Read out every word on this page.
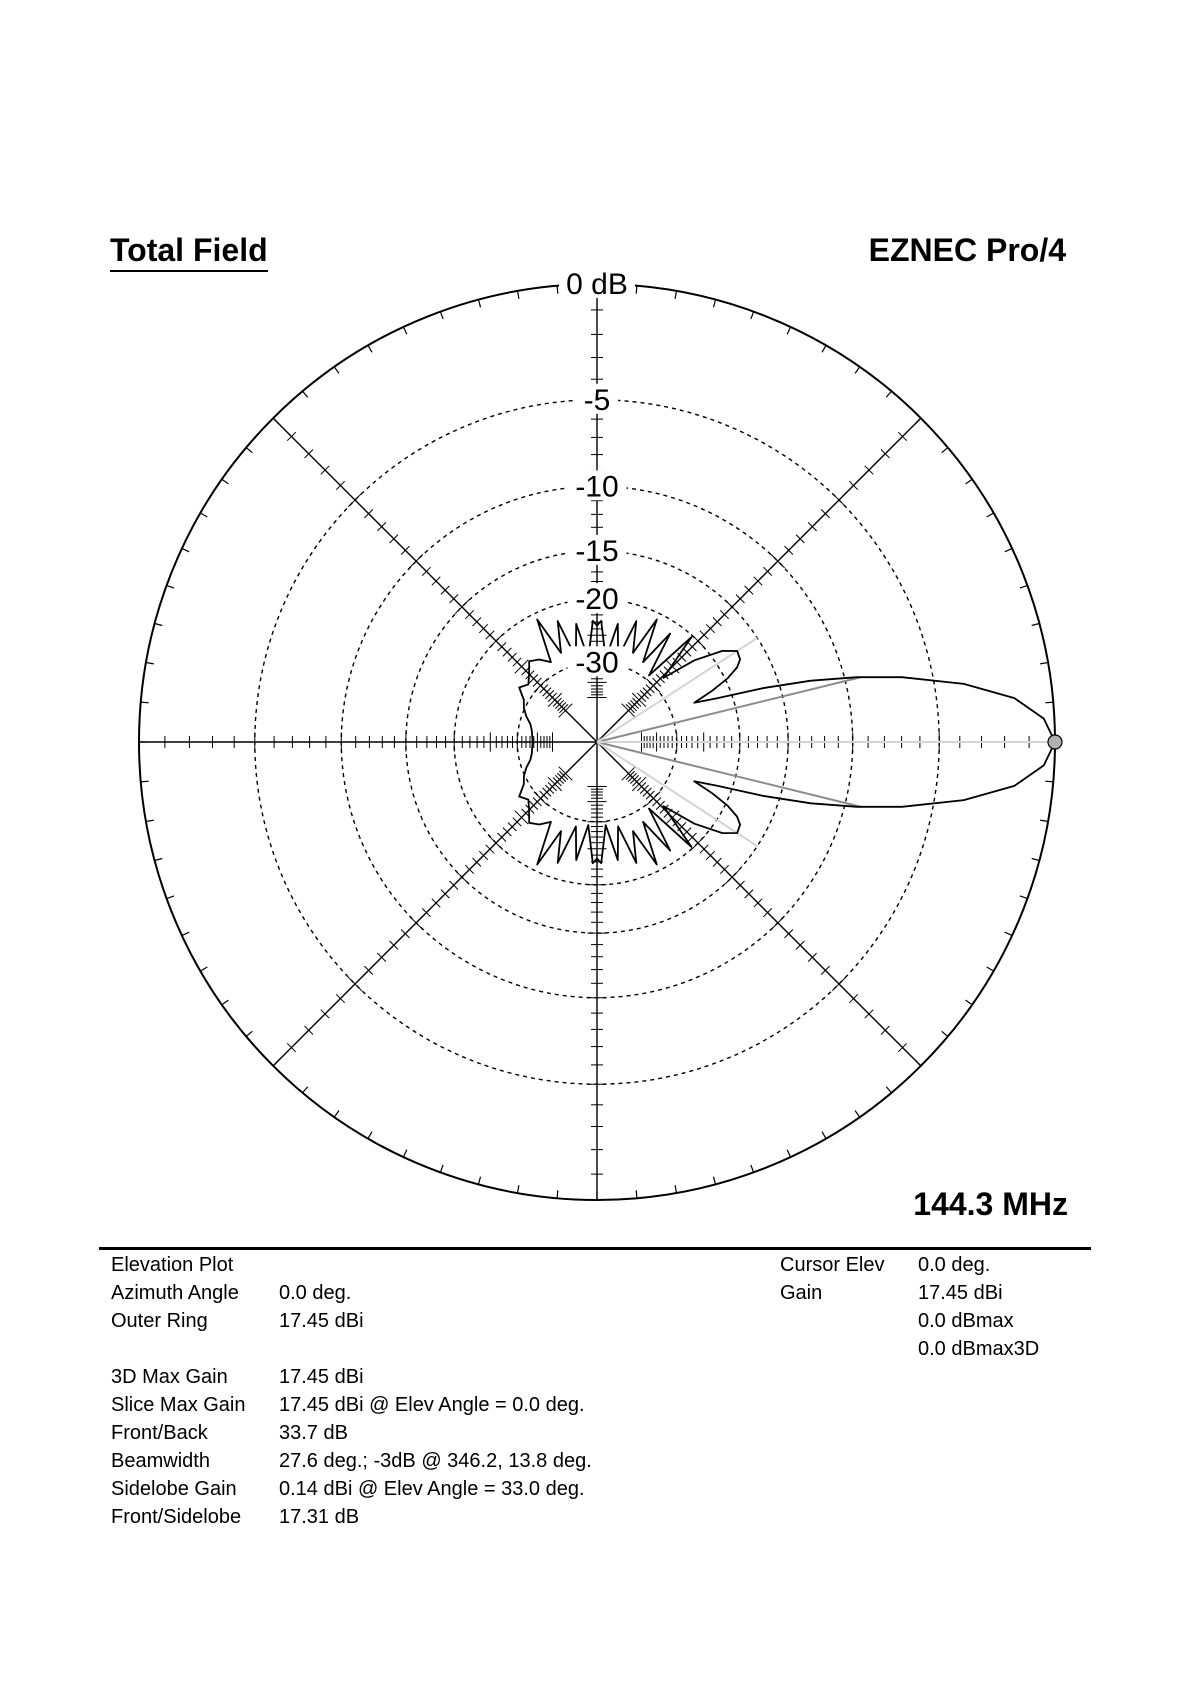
Total Field	EZNEC Pro/4
0 dB
-5
-10
-15
-20
-30
144.3 MHz
Elevation Plot
Azimuth Angle	0.0 deg.
Outer Ring	17.45 dBi
3D Max Gain	17.45 dBi
Slice Max Gain	17.45 dBi @ Elev Angle = 0.0 deg.
Front/Back	33.7 dB
Beamwidth	27.6 deg.; -3dB @ 346.2, 13.8 deg.
Sidelobe Gain	0.14 dBi @ Elev Angle = 33.0 deg.
Front/Sidelobe	17.31 dB
Cursor Elev	0.0 deg.
Gain	17.45 dBi
0.0 dBmax
0.0 dBmax3D
